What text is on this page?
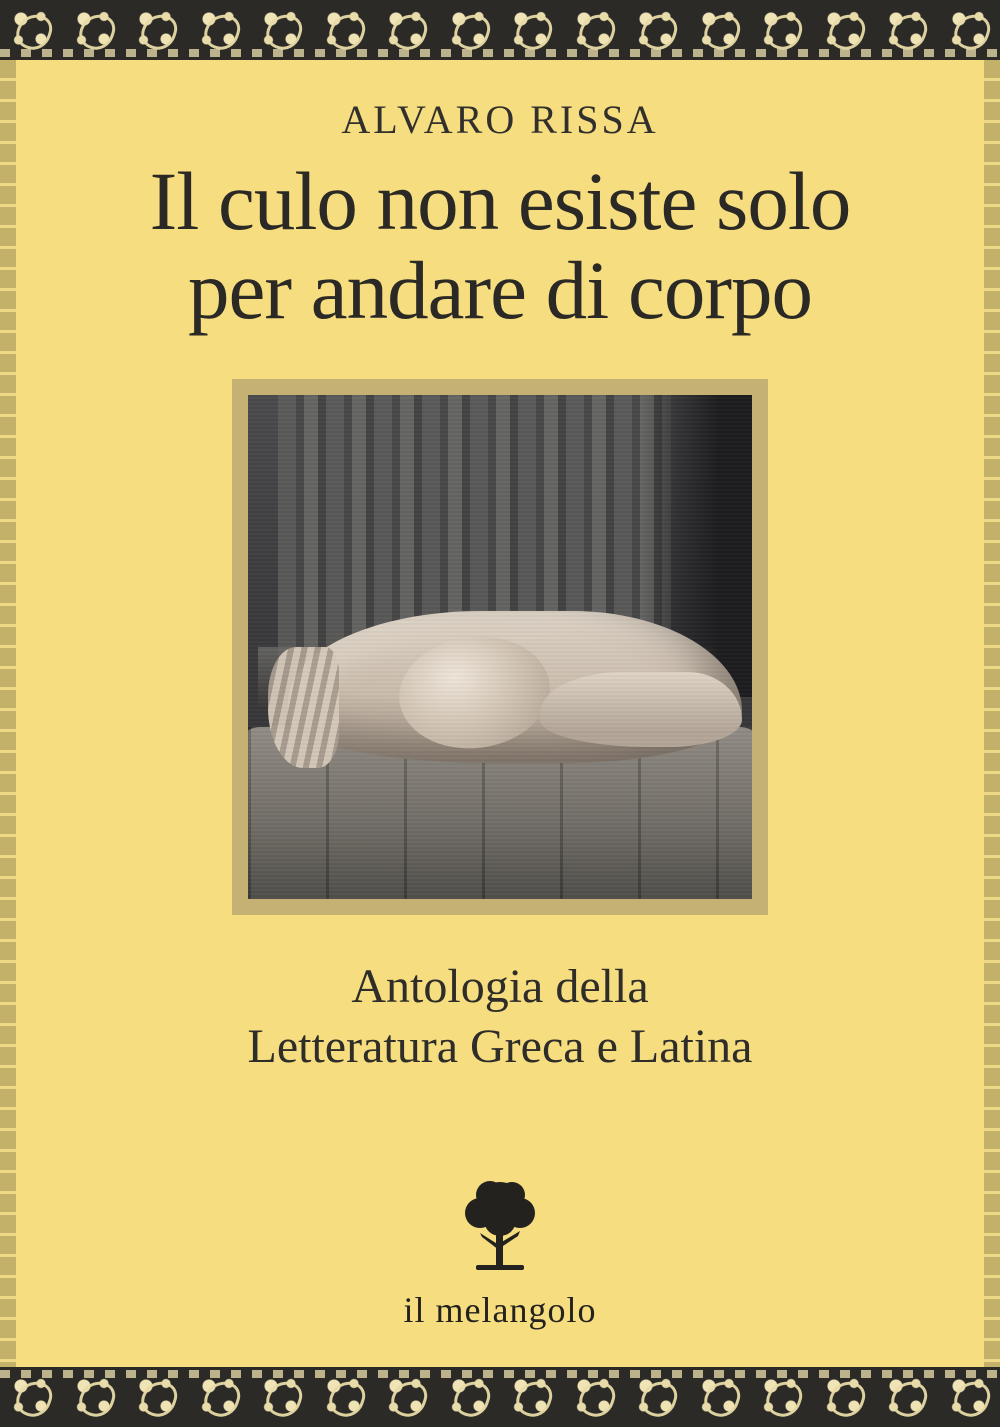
ALVARO RISSA
Il culo non esiste solo
per andare di corpo
Antologia della
Letteratura Greca e Latina
il melangolo
